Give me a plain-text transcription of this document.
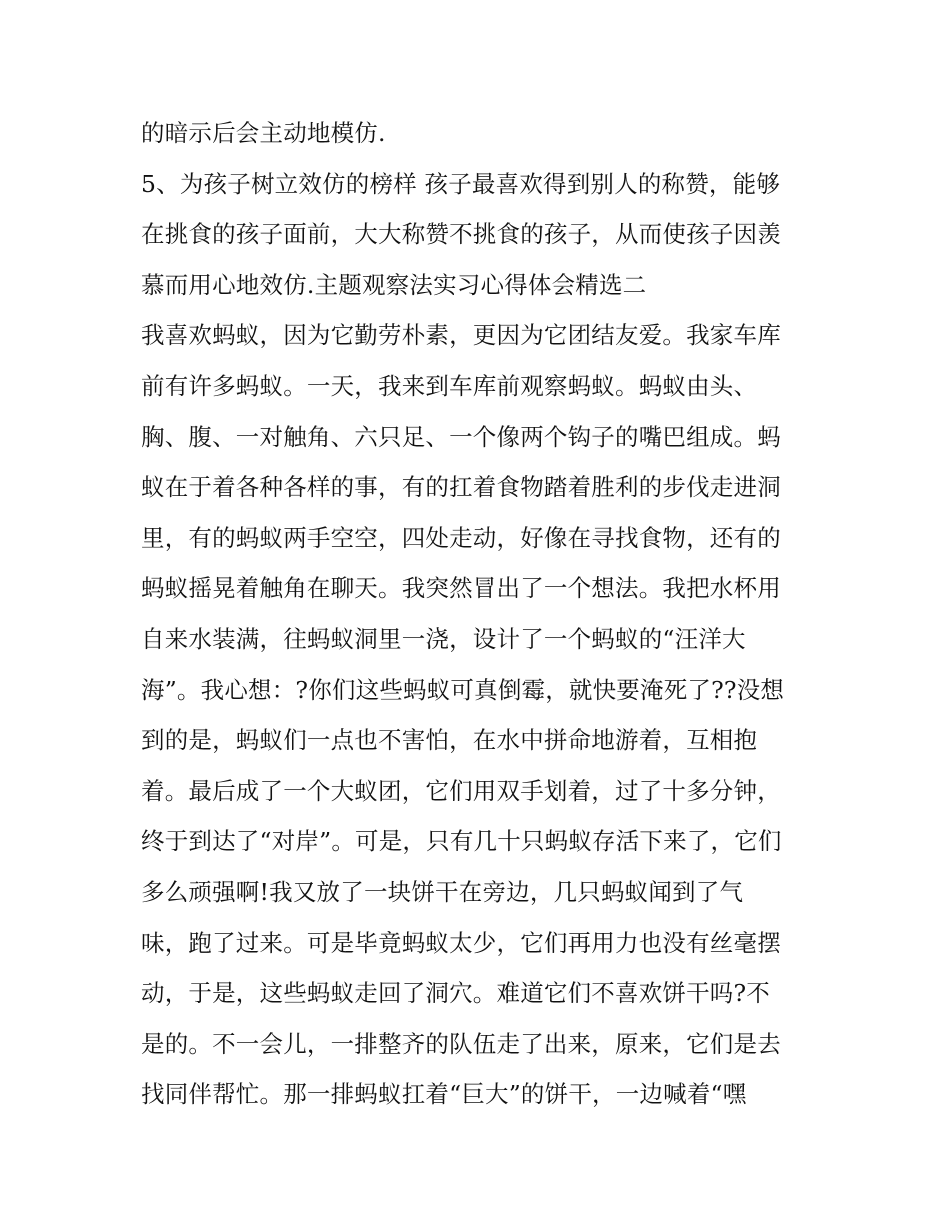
的暗示后会主动地模仿.
5、为孩子树立效仿的榜样 孩子最喜欢得到别人的称赞，能够
在挑食的孩子面前，大大称赞不挑食的孩子，从而使孩子因羡
慕而用心地效仿.主题观察法实习心得体会精选二
我喜欢蚂蚁，因为它勤劳朴素，更因为它团结友爱。我家车库
前有许多蚂蚁。一天，我来到车库前观察蚂蚁。蚂蚁由头、
胸、腹、一对触角、六只足、一个像两个钩子的嘴巴组成。蚂
蚁在于着各种各样的事，有的扛着食物踏着胜利的步伐走进洞
里，有的蚂蚁两手空空，四处走动，好像在寻找食物，还有的
蚂蚁摇晃着触角在聊天。我突然冒出了一个想法。我把水杯用
自来水装满，往蚂蚁洞里一浇，设计了一个蚂蚁的“汪洋大
海”。我心想：?你们这些蚂蚁可真倒霉，就快要淹死了??没想
到的是，蚂蚁们一点也不害怕，在水中拼命地游着，互相抱
着。最后成了一个大蚁团，它们用双手划着，过了十多分钟，
终于到达了“对岸”。可是，只有几十只蚂蚁存活下来了，它们
多么顽强啊!我又放了一块饼干在旁边，几只蚂蚁闻到了气
味，跑了过来。可是毕竟蚂蚁太少，它们再用力也没有丝毫摆
动，于是，这些蚂蚁走回了洞穴。难道它们不喜欢饼干吗?不
是的。不一会儿，一排整齐的队伍走了出来，原来，它们是去
找同伴帮忙。那一排蚂蚁扛着“巨大”的饼干，一边喊着“嘿
